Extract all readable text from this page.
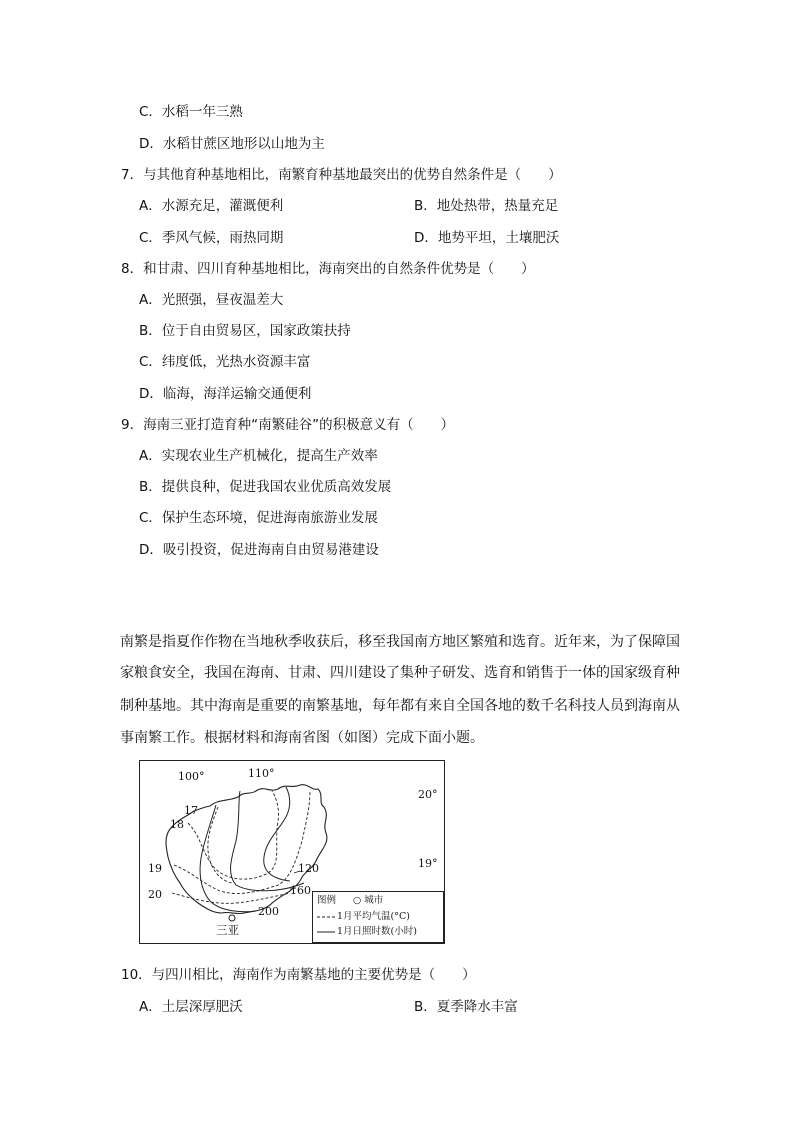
C．水稻一年三熟
D．水稻甘蔗区地形以山地为主
7．与其他育种基地相比，南繁育种基地最突出的优势自然条件是（　　）
A．水源充足，灌溉便利	B．地处热带，热量充足
C．季风气候，雨热同期	D．地势平坦，土壤肥沃
8．和甘肃、四川育种基地相比，海南突出的自然条件优势是（　　）
A．光照强，昼夜温差大
B．位于自由贸易区，国家政策扶持
C．纬度低，光热水资源丰富
D．临海，海洋运输交通便利
9．海南三亚打造育种“南繁硅谷”的积极意义有（　　）
A．实现农业生产机械化，提高生产效率
B．提供良种，促进我国农业优质高效发展
C．保护生态环境，促进海南旅游业发展
D．吸引投资，促进海南自由贸易港建设
南繁是指夏作作物在当地秋季收获后，移至我国南方地区繁殖和选育。近年来，为了保障国
家粮食安全，我国在海南、甘肃、四川建设了集种子研发、选育和销售于一体的国家级育种
制种基地。其中海南是重要的南繁基地，每年都有来自全国各地的数千名科技人员到海南从
事南繁工作。根据材料和海南省图（如图）完成下面小题。
100°	110°
20°
19°
17
18
19
20
120
160
200
三亚
图例 ○ 城市
1月平均气温(°C)
1月日照时数(小时)
10．与四川相比，海南作为南繁基地的主要优势是（　　）
A．土层深厚肥沃	B．夏季降水丰富
